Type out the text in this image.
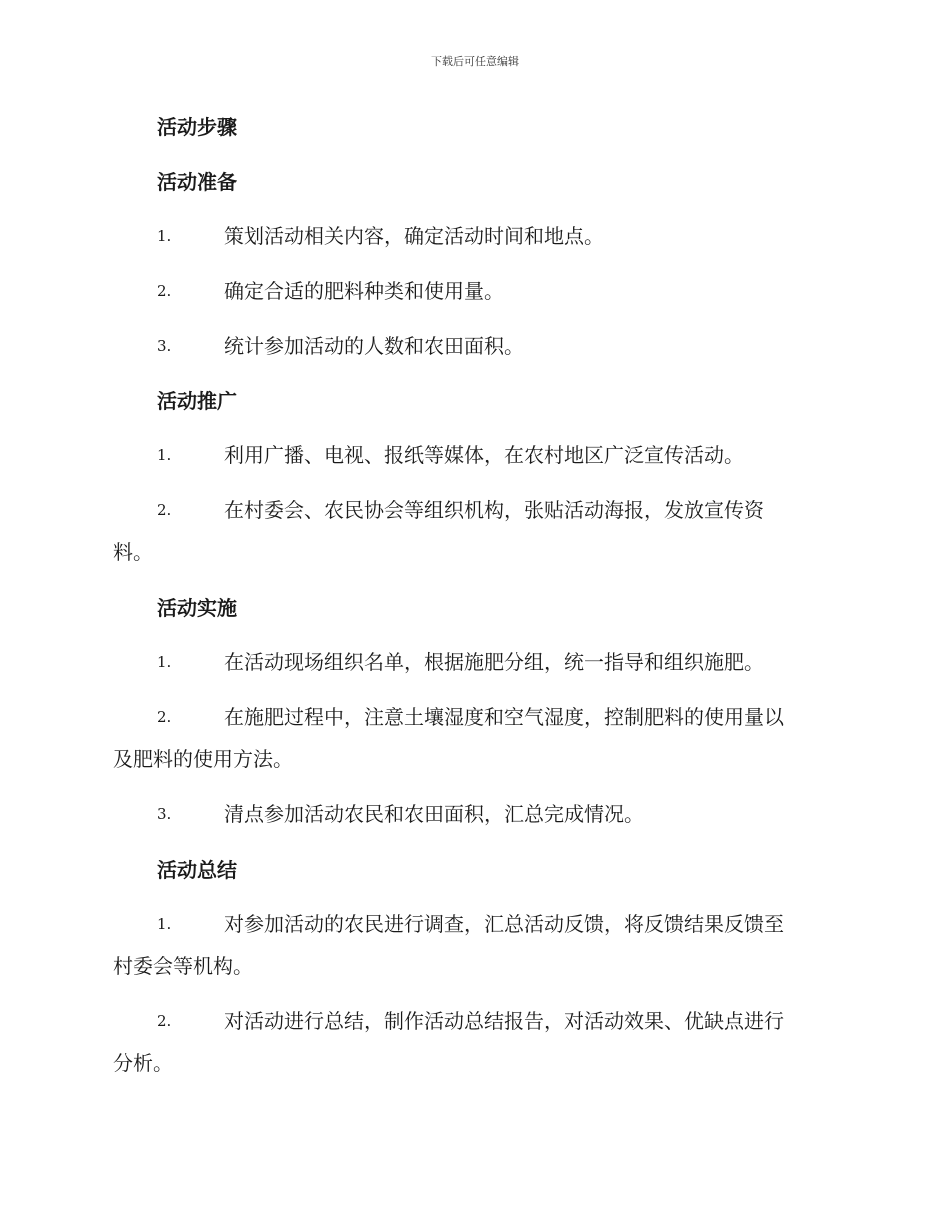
下载后可任意编辑
活动步骤
活动准备
1.	策划活动相关内容，确定活动时间和地点。
2.	确定合适的肥料种类和使用量。
3.	统计参加活动的人数和农田面积。
活动推广
1.	利用广播、电视、报纸等媒体，在农村地区广泛宣传活动。
2.	在村委会、农民协会等组织机构，张贴活动海报，发放宣传资
料。
活动实施
1.	在活动现场组织名单，根据施肥分组，统一指导和组织施肥。
2.	在施肥过程中，注意土壤湿度和空气湿度，控制肥料的使用量以
及肥料的使用方法。
3.	清点参加活动农民和农田面积，汇总完成情况。
活动总结
1.	对参加活动的农民进行调查，汇总活动反馈，将反馈结果反馈至
村委会等机构。
2.	对活动进行总结，制作活动总结报告，对活动效果、优缺点进行
分析。
